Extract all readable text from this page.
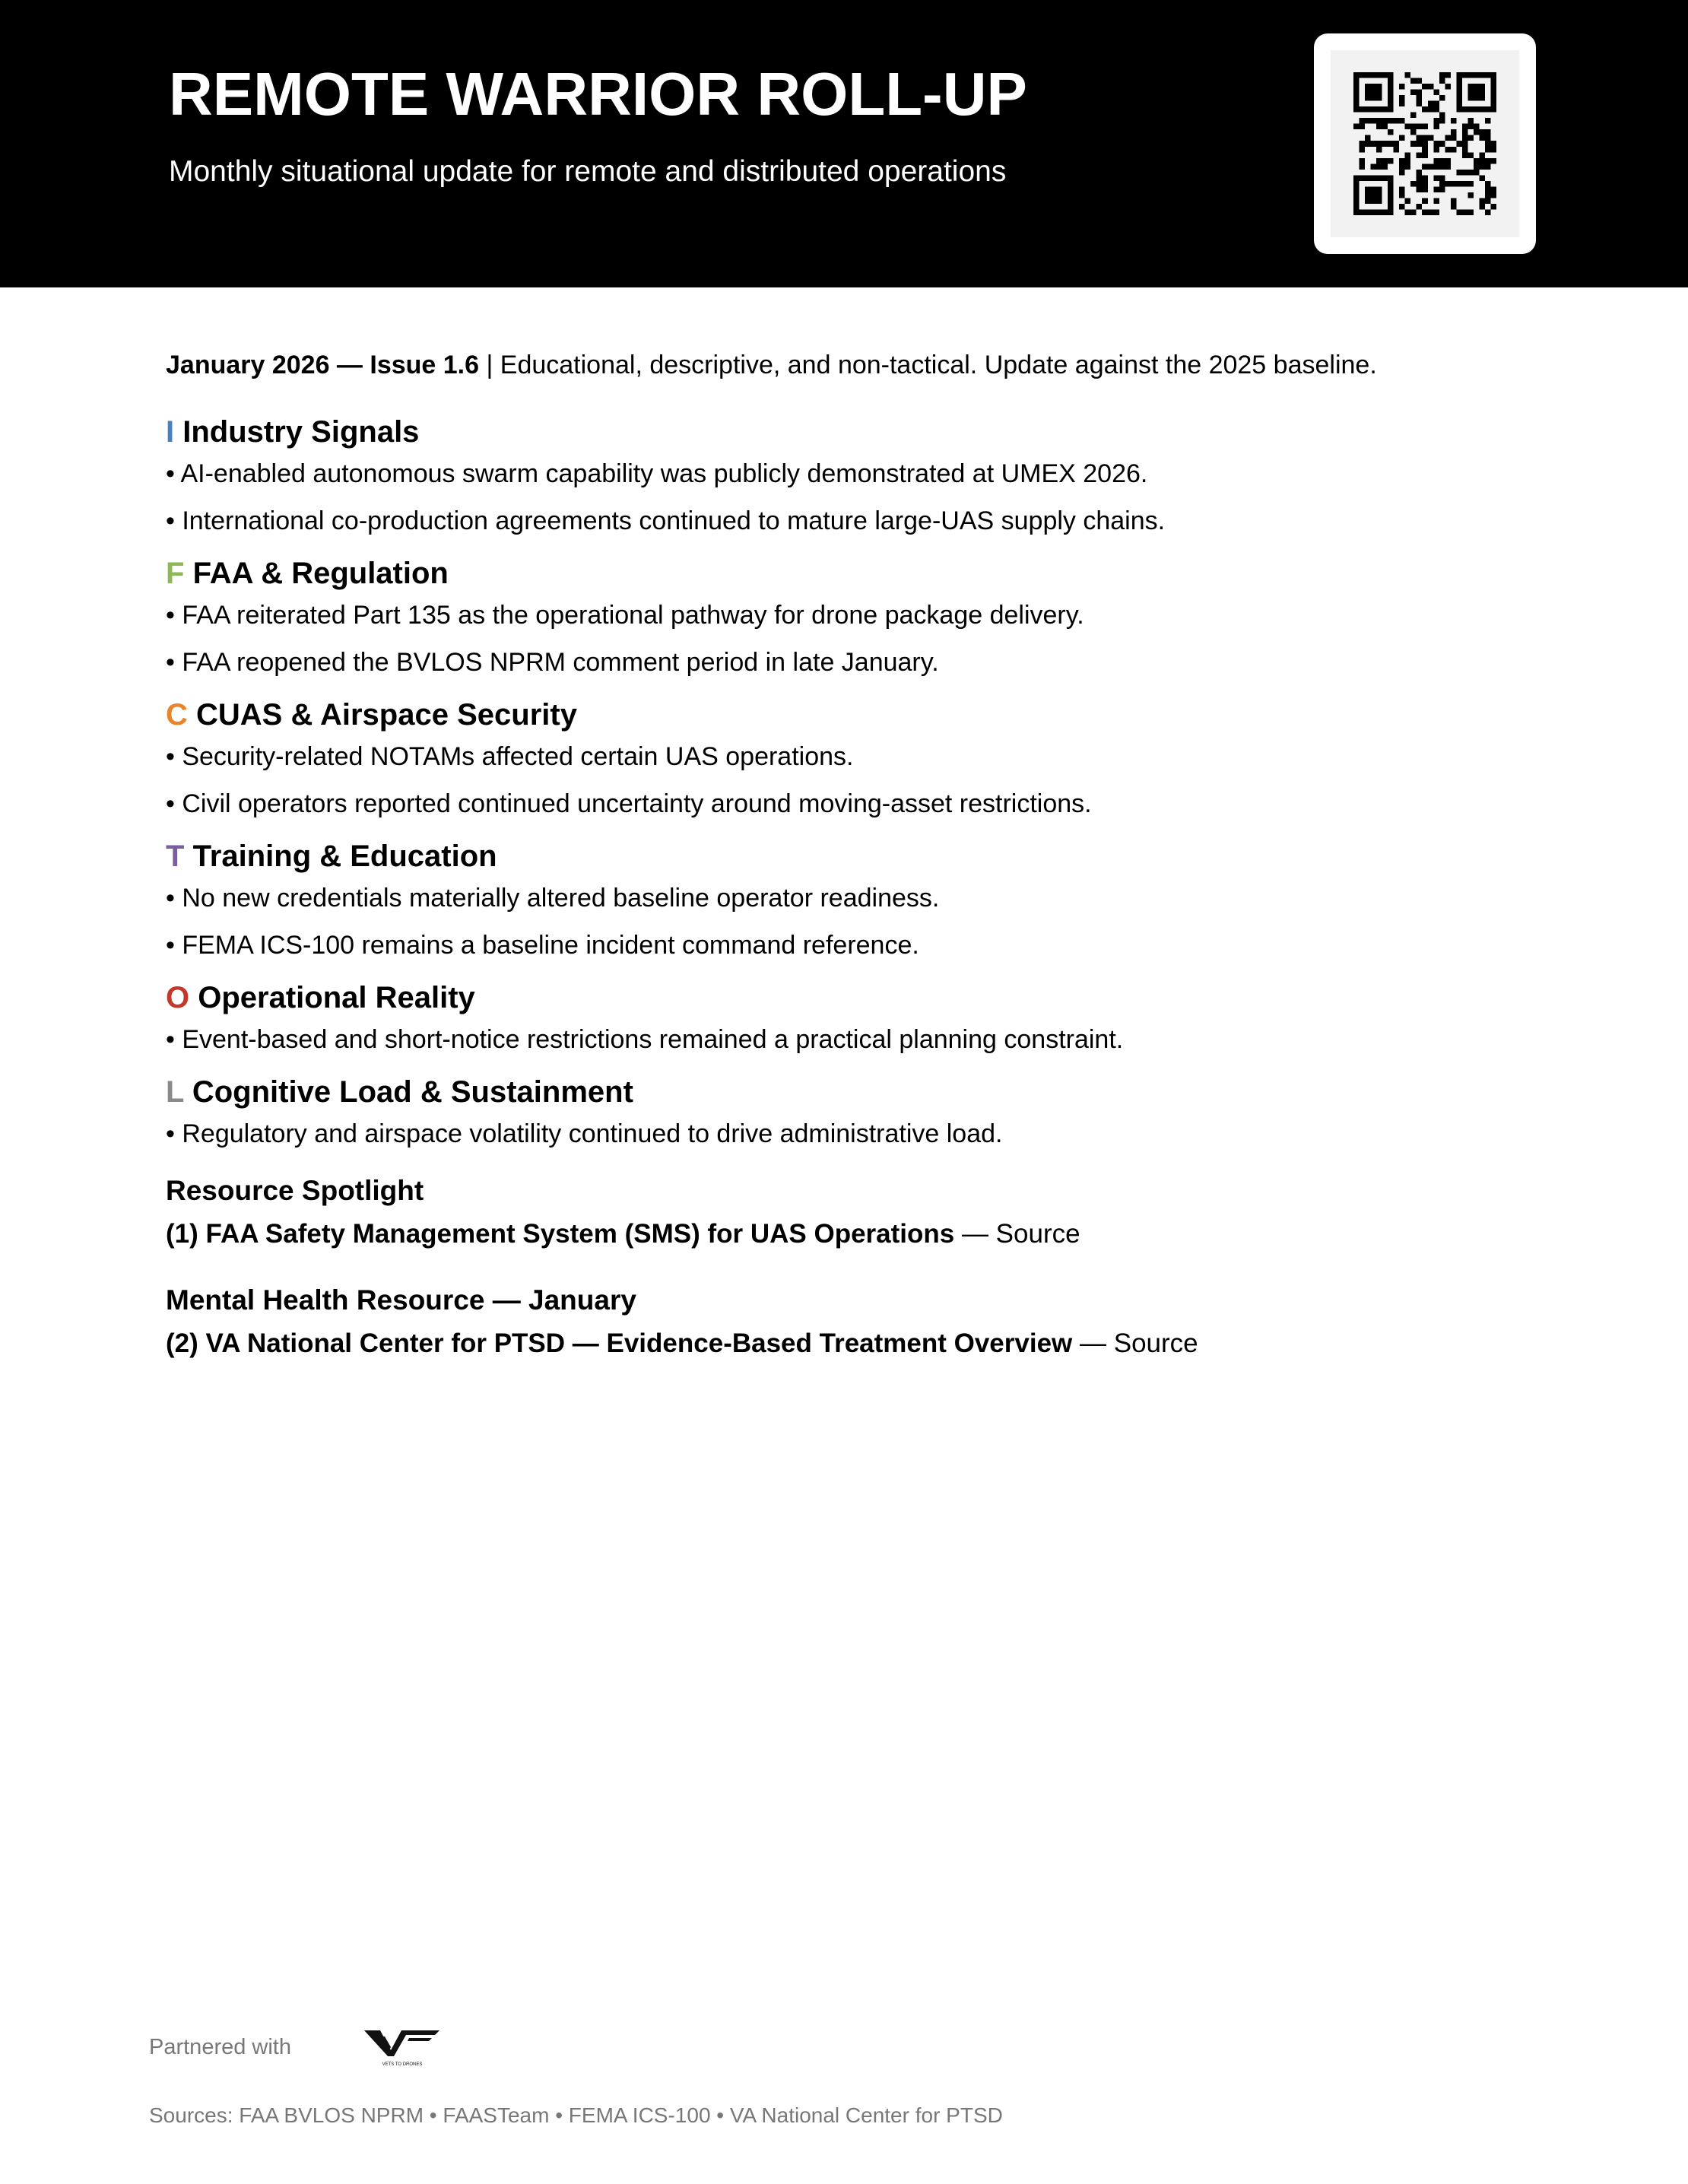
REMOTE WARRIOR ROLL-UP
Monthly situational update for remote and distributed operations
January 2026 — Issue 1.6 | Educational, descriptive, and non-tactical. Update against the 2025 baseline.
I Industry Signals
• AI-enabled autonomous swarm capability was publicly demonstrated at UMEX 2026.
• International co-production agreements continued to mature large-UAS supply chains.
F FAA & Regulation
• FAA reiterated Part 135 as the operational pathway for drone package delivery.
• FAA reopened the BVLOS NPRM comment period in late January.
C CUAS & Airspace Security
• Security-related NOTAMs affected certain UAS operations.
• Civil operators reported continued uncertainty around moving-asset restrictions.
T Training & Education
• No new credentials materially altered baseline operator readiness.
• FEMA ICS-100 remains a baseline incident command reference.
O Operational Reality
• Event-based and short-notice restrictions remained a practical planning constraint.
L Cognitive Load & Sustainment
• Regulatory and airspace volatility continued to drive administrative load.
Resource Spotlight
(1) FAA Safety Management System (SMS) for UAS Operations — Source
Mental Health Resource — January
(2) VA National Center for PTSD — Evidence-Based Treatment Overview — Source
Partnered with
VETS TO DRONES
Sources: FAA BVLOS NPRM • FAASTeam • FEMA ICS-100 • VA National Center for PTSD
